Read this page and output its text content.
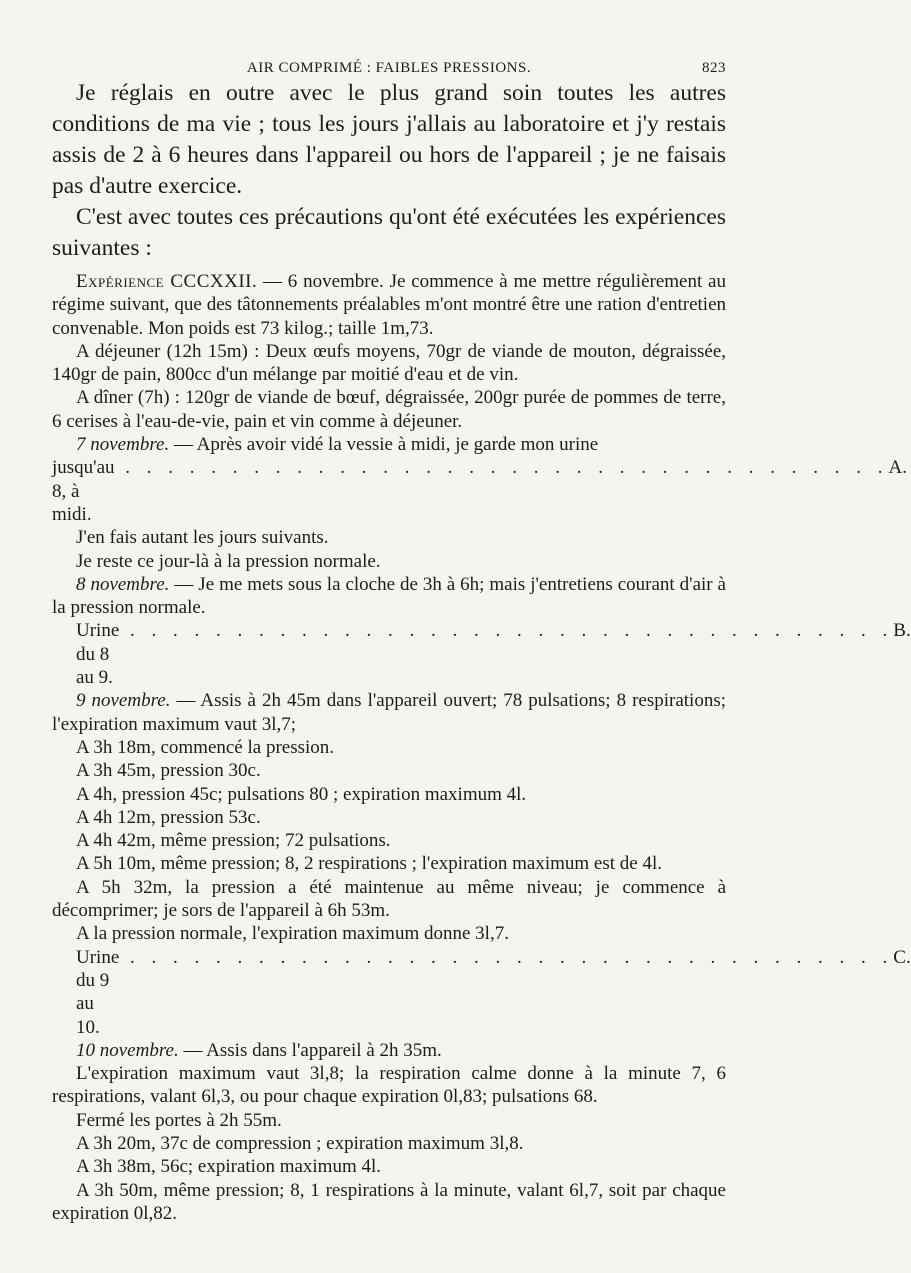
AIR COMPRIMÉ : FAIBLES PRESSIONS.	823

Je réglais en outre avec le plus grand soin toutes les autres conditions de ma vie ; tous les jours j'allais au laboratoire et j'y restais assis de 2 à 6 heures dans l'appareil ou hors de l'appareil ; je ne faisais pas d'autre exercice.

C'est avec toutes ces précautions qu'ont été exécutées les expériences suivantes :

Expérience CCCXXII. — 6 novembre. Je commence à me mettre régulièrement au régime suivant, que des tâtonnements préalables m'ont montré être une ration d'entretien convenable. Mon poids est 73 kilog.; taille 1m,73.

A déjeuner (12h 15m) : Deux œufs moyens, 70gr de viande de mouton, dégraissée, 140gr de pain, 800cc d'un mélange par moitié d'eau et de vin.

A dîner (7h) : 120gr de viande de bœuf, dégraissée, 200gr purée de pommes de terre, 6 cerises à l'eau-de-vie, pain et vin comme à déjeuner.

7 novembre. — Après avoir vidé la vessie à midi, je garde mon urine

jusqu'au 8, à midi.
. . . . . . . . . . . . . . . . . . . . . . . . . . . . . . . . . . . . A.

J'en fais autant les jours suivants.

Je reste ce jour-là à la pression normale.

8 novembre. — Je me mets sous la cloche de 3h à 6h; mais j'entretiens courant d'air à la pression normale.

Urine du 8 au 9.
. . . . . . . . . . . . . . . . . . . . . . . . . . . . . . . . . . . . B.

9 novembre. — Assis à 2h 45m dans l'appareil ouvert; 78 pulsations; 8 respirations; l'expiration maximum vaut 3l,7;

A 3h 18m, commencé la pression.

A 3h 45m, pression 30c.

A 4h, pression 45c; pulsations 80 ; expiration maximum 4l.

A 4h 12m, pression 53c.

A 4h 42m, même pression; 72 pulsations.

A 5h 10m, même pression; 8, 2 respirations ; l'expiration maximum est de 4l.

A 5h 32m, la pression a été maintenue au même niveau; je commence à décomprimer; je sors de l'appareil à 6h 53m.

A la pression normale, l'expiration maximum donne 3l,7.

Urine du 9 au 10.
. . . . . . . . . . . . . . . . . . . . . . . . . . . . . . . . . . . . C.

10 novembre. — Assis dans l'appareil à 2h 35m.

L'expiration maximum vaut 3l,8; la respiration calme donne à la minute 7, 6 respirations, valant 6l,3, ou pour chaque expiration 0l,83; pulsations 68.

Fermé les portes à 2h 55m.

A 3h 20m, 37c de compression ; expiration maximum 3l,8.

A 3h 38m, 56c; expiration maximum 4l.

A 3h 50m, même pression; 8, 1 respirations à la minute, valant 6l,7, soit par chaque expiration 0l,82.
